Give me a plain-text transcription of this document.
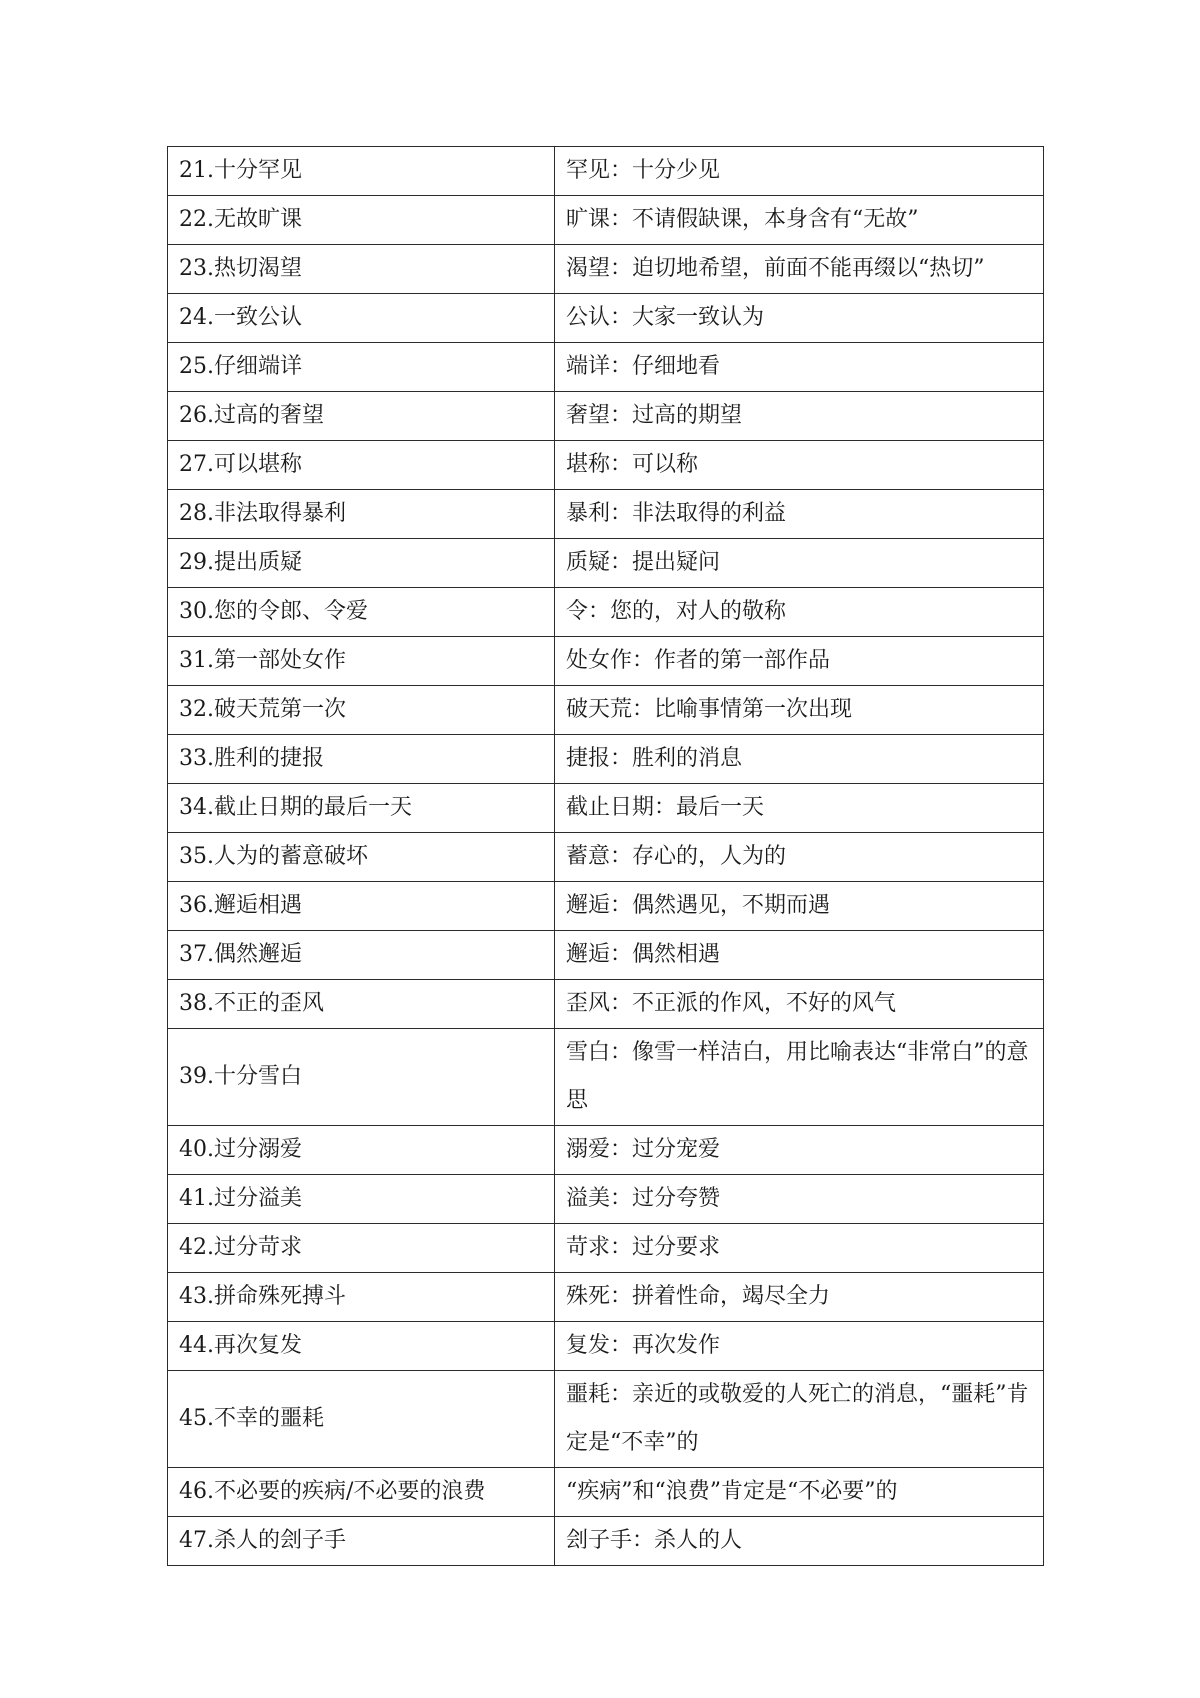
21.十分罕见	罕见：十分少见
22.无故旷课	旷课：不请假缺课，本身含有“无故”
23.热切渴望	渴望：迫切地希望，前面不能再缀以“热切”
24.一致公认	公认：大家一致认为
25.仔细端详	端详：仔细地看
26.过高的奢望	奢望：过高的期望
27.可以堪称	堪称：可以称
28.非法取得暴利	暴利：非法取得的利益
29.提出质疑	质疑：提出疑问
30.您的令郎、令爱	令：您的，对人的敬称
31.第一部处女作	处女作：作者的第一部作品
32.破天荒第一次	破天荒：比喻事情第一次出现
33.胜利的捷报	捷报：胜利的消息
34.截止日期的最后一天	截止日期：最后一天
35.人为的蓄意破坏	蓄意：存心的，人为的
36.邂逅相遇	邂逅：偶然遇见，不期而遇
37.偶然邂逅	邂逅：偶然相遇
38.不正的歪风	歪风：不正派的作风，不好的风气
39.十分雪白	雪白：像雪一样洁白，用比喻表达“非常白”的意思
40.过分溺爱	溺爱：过分宠爱
41.过分溢美	溢美：过分夸赞
42.过分苛求	苛求：过分要求
43.拼命殊死搏斗	殊死：拼着性命，竭尽全力
44.再次复发	复发：再次发作
45.不幸的噩耗	噩耗：亲近的或敬爱的人死亡的消息，“噩耗”肯定是“不幸”的
46.不必要的疾病/不必要的浪费	“疾病”和“浪费”肯定是“不必要”的
47.杀人的刽子手	刽子手：杀人的人
